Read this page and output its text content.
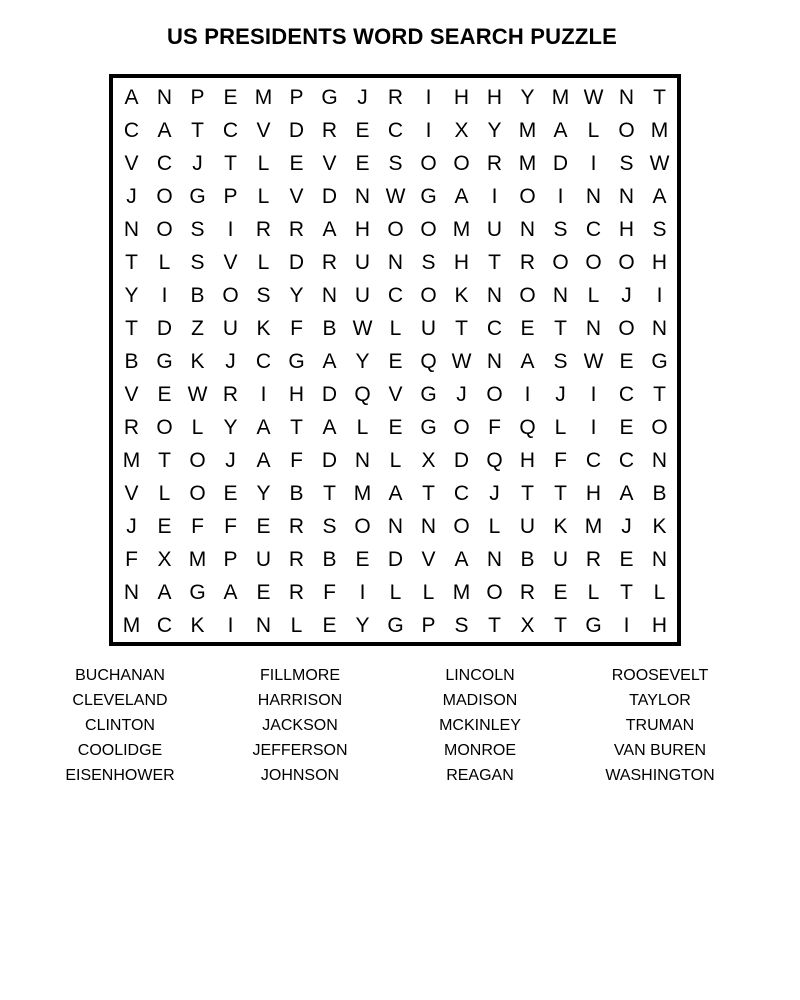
US PRESIDENTS WORD SEARCH PUZZLE
A N P E M P G J R	I	H H Y M W N T
C A T C V D R E C	I	X Y M A L O M
V C J	T L E V E S O O R M D	I	S W
J O G P L V D N W G A	I	O	I	N N A
N O S	I	R R A H O O M U N S C H S
T L S V L D R U N S H T R O O O H
Y	I	B O S Y N U C O K N O N L	J	I
T D Z U K F B W L U T C E T N O N
B G K J C G A Y E Q W N A S W E G
V E W R	I	H D Q V G J O	I	J	I	C T
R O L Y A T A L E G O F Q L	I	E O
M T O J A F D N L X D Q H F C C N
V L O E Y B T M A T C J	T T H A B
J E F F E R S O N N O L U K M J K
F X M P U R B E D V A N B U R E N
N A G A E R F	I	L	L M O R E L T L
M C K	I	N L E Y G P S T X T G	I	H
BUCHANAN
CLEVELAND
CLINTON
COOLIDGE
EISENHOWER
FILLMORE
HARRISON
JACKSON
JEFFERSON
JOHNSON
LINCOLN
MADISON
MCKINLEY
MONROE
REAGAN
ROOSEVELT
TAYLOR
TRUMAN
VAN BUREN
WASHINGTON
